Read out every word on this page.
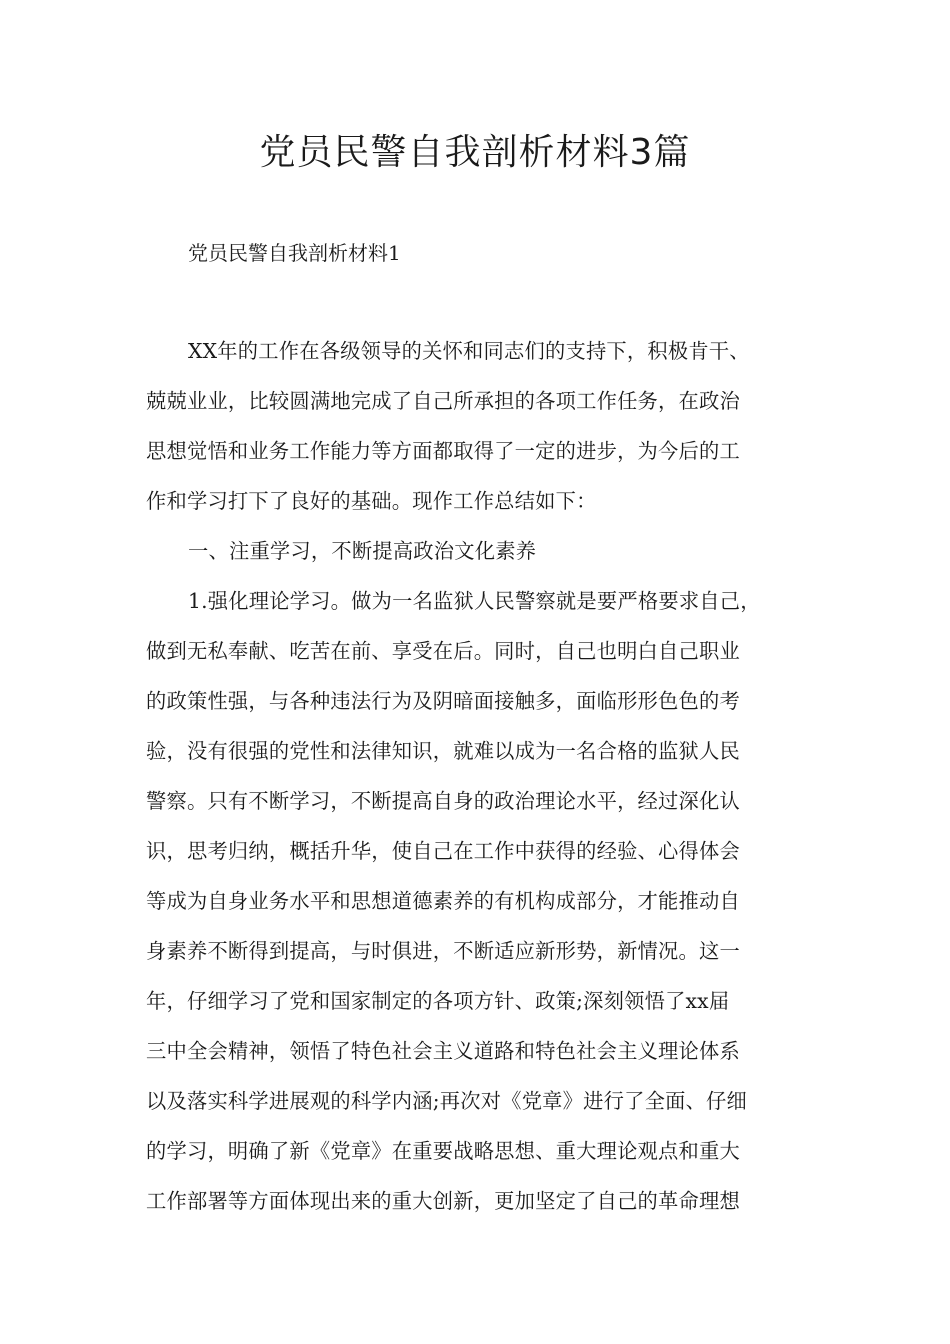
党员民警自我剖析材料3篇

党员民警自我剖析材料1

XX年的工作在各级领导的关怀和同志们的支持下，积极肯干、
兢兢业业，比较圆满地完成了自己所承担的各项工作任务，在政治
思想觉悟和业务工作能力等方面都取得了一定的进步，为今后的工
作和学习打下了良好的基础。现作工作总结如下：
一、注重学习，不断提高政治文化素养
1.强化理论学习。做为一名监狱人民警察就是要严格要求自己，
做到无私奉献、吃苦在前、享受在后。同时，自己也明白自己职业
的政策性强，与各种违法行为及阴暗面接触多，面临形形色色的考
验，没有很强的党性和法律知识，就难以成为一名合格的监狱人民
警察。只有不断学习，不断提高自身的政治理论水平，经过深化认
识，思考归纳，概括升华，使自己在工作中获得的经验、心得体会
等成为自身业务水平和思想道德素养的有机构成部分，才能推动自
身素养不断得到提高，与时俱进，不断适应新形势，新情况。这一
年，仔细学习了党和国家制定的各项方针、政策;深刻领悟了xx届
三中全会精神，领悟了特色社会主义道路和特色社会主义理论体系
以及落实科学进展观的科学内涵;再次对《党章》进行了全面、仔细
的学习，明确了新《党章》在重要战略思想、重大理论观点和重大
工作部署等方面体现出来的重大创新，更加坚定了自己的革命理想
